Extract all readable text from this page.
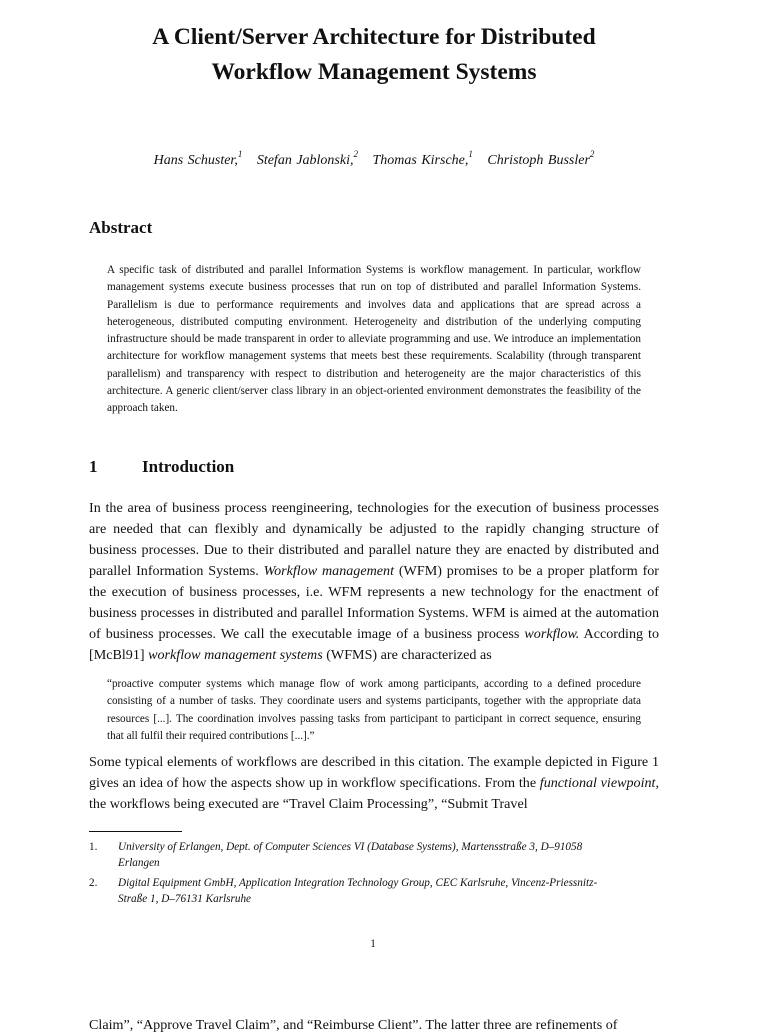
A Client/Server Architecture for Distributed
Workflow Management Systems
Hans Schuster,$^1$ Stefan Jablonski,$^2$ Thomas Kirsche,$^1$ Christoph Bussler$^2$
Abstract
A specific task of distributed and parallel Information Systems is workflow management. In particular, workflow management systems execute business processes that run on top of distributed and parallel Information Systems. Parallelism is due to performance requirements and involves data and applications that are spread across a heterogeneous, distributed computing environment. Heterogeneity and distribution of the underlying computing infrastructure should be made transparent in order to alleviate programming and use. We introduce an implementation architecture for workflow management systems that meets best these requirements. Scalability (through transparent parallelism) and transparency with respect to distribution and heterogeneity are the major characteristics of this architecture. A generic client/server class library in an object-oriented environment demonstrates the feasibility of the approach taken.
1	Introduction
In the area of business process reengineering, technologies for the execution of business processes are needed that can flexibly and dynamically be adjusted to the rapidly changing structure of business processes. Due to their distributed and parallel nature they are enacted by distributed and parallel Information Systems. Workflow management (WFM) promises to be a proper platform for the execution of business processes, i.e. WFM represents a new technology for the enactment of business processes in distributed and parallel Information Systems. WFM is aimed at the automation of business processes. We call the executable image of a business process workflow. According to [McBl91] workflow management systems (WFMS) are characterized as
“proactive computer systems which manage flow of work among participants, according to a defined procedure consisting of a number of tasks. They coordinate users and systems participants, together with the appropriate data resources [...]. The coordination involves passing tasks from participant to participant in correct sequence, ensuring that all fulfil their required contributions [...].”
Some typical elements of workflows are described in this citation. The example depicted in Figure 1 gives an idea of how the aspects show up in workflow specifications. From the functional viewpoint, the workflows being executed are “Travel Claim Processing”, “Submit Travel
1.	University of Erlangen, Dept. of Computer Sciences VI (Database Systems), Martensstraße 3, D–91058 Erlangen
2.	Digital Equipment GmbH, Application Integration Technology Group, CEC Karlsruhe, Vincenz-Priessnitz-Straße 1, D–76131 Karlsruhe
1
Claim”, “Approve Travel Claim”, and “Reimburse Client”. The latter three are refinements of
